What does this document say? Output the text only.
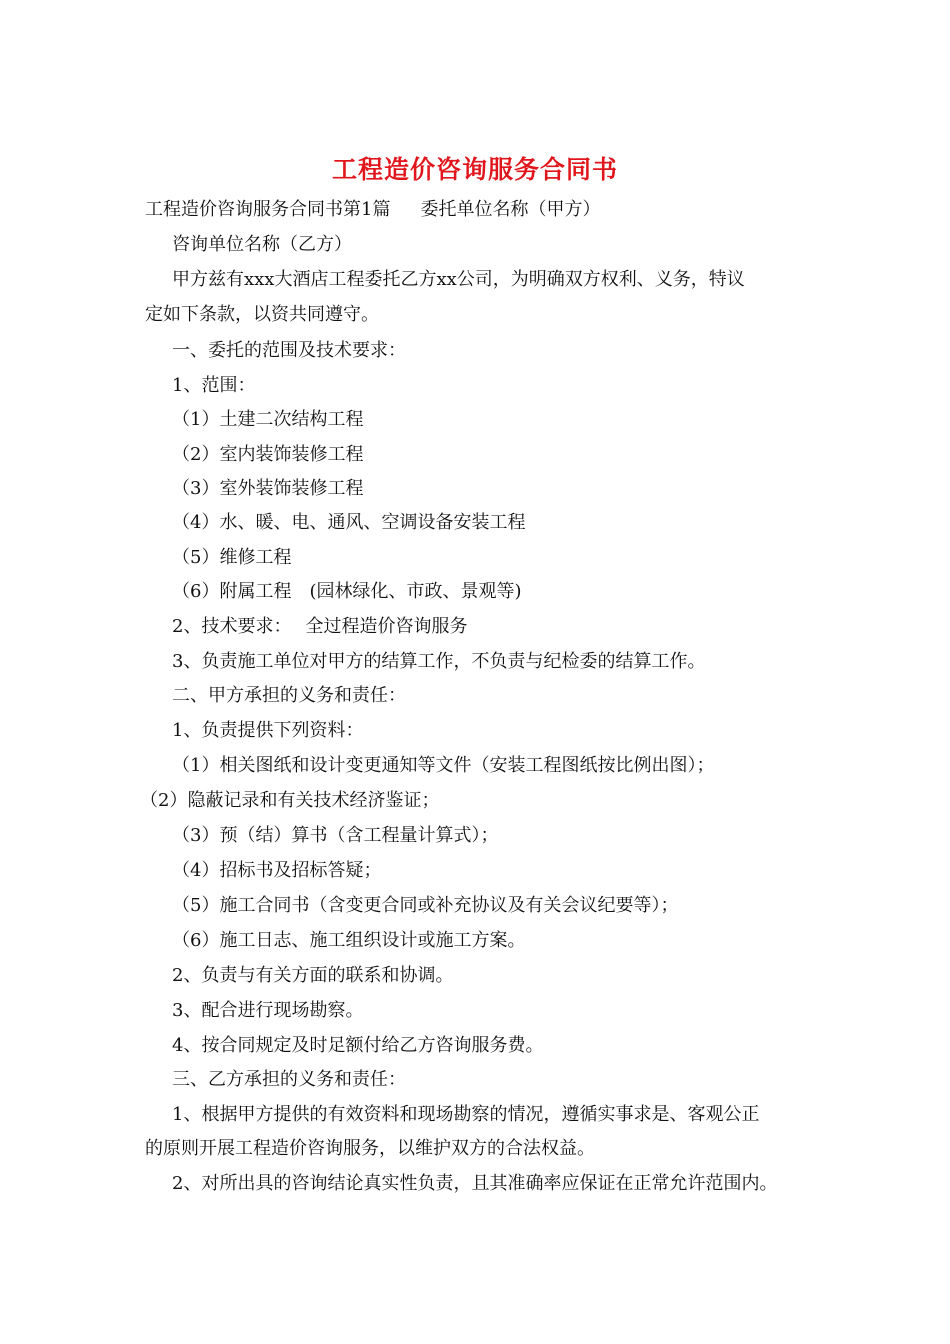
工程造价咨询服务合同书
工程造价咨询服务合同书第1篇 委托单位名称（甲方）
咨询单位名称（乙方）
甲方兹有xxx大酒店工程委托乙方xx公司，为明确双方权利、义务，特议
定如下条款，以资共同遵守。
一、委托的范围及技术要求：
1、范围：
（1）土建二次结构工程
（2）室内装饰装修工程
（3）室外装饰装修工程
（4）水、暖、电、通风、空调设备安装工程
（5）维修工程
（6）附属工程　(园林绿化、市政、景观等)
2、技术要求： 全过程造价咨询服务
3、负责施工单位对甲方的结算工作，不负责与纪检委的结算工作。
二、甲方承担的义务和责任：
1、负责提供下列资料：
（1）相关图纸和设计变更通知等文件（安装工程图纸按比例出图）；
（2）隐蔽记录和有关技术经济鉴证；
（3）预（结）算书（含工程量计算式）；
（4）招标书及招标答疑；
（5）施工合同书（含变更合同或补充协议及有关会议纪要等）；
（6）施工日志、施工组织设计或施工方案。
2、负责与有关方面的联系和协调。
3、配合进行现场勘察。
4、按合同规定及时足额付给乙方咨询服务费。
三、乙方承担的义务和责任：
1、根据甲方提供的有效资料和现场勘察的情况，遵循实事求是、客观公正
的原则开展工程造价咨询服务，以维护双方的合法权益。
2、对所出具的咨询结论真实性负责，且其准确率应保证在正常允许范围内。
